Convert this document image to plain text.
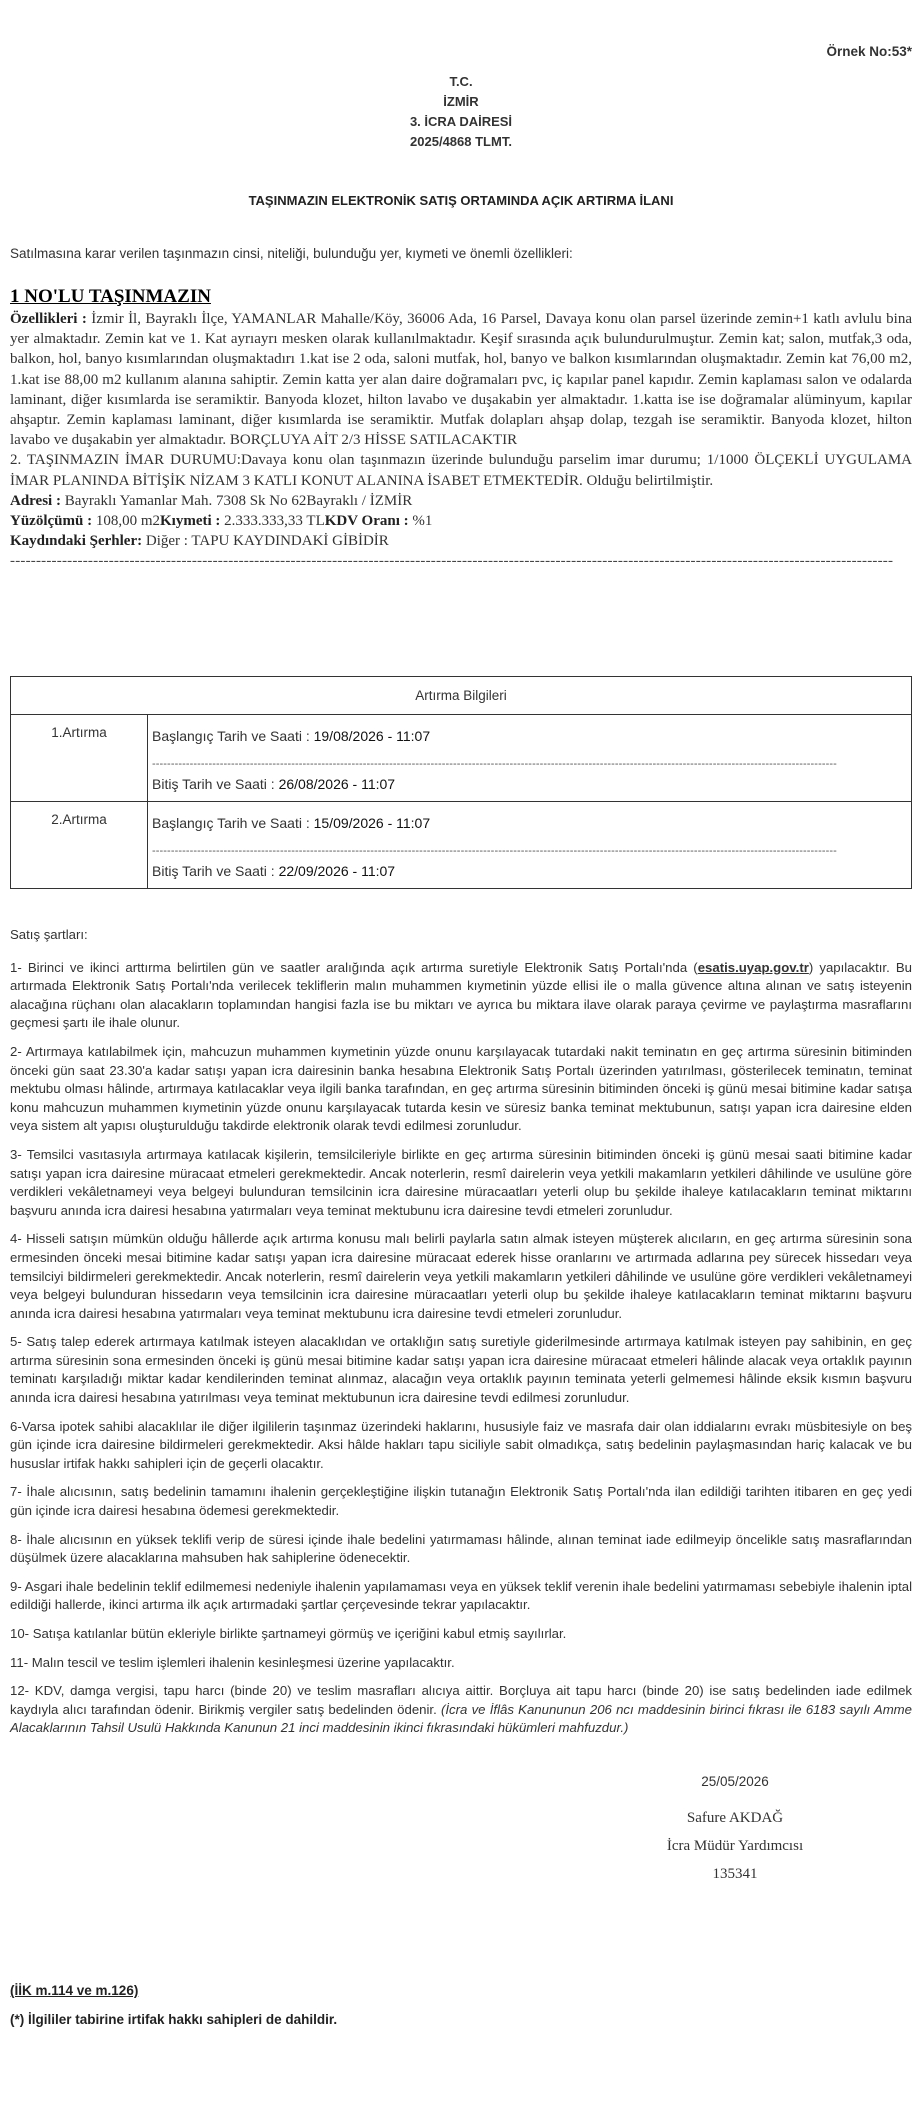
Örnek No:53*
T.C.
İZMİR
3. İCRA DAİRESİ
2025/4868 TLMT.
TAŞINMAZIN ELEKTRONİK SATIŞ ORTAMINDA AÇIK ARTIRMA İLANI
Satılmasına karar verilen taşınmazın cinsi, niteliği, bulunduğu yer, kıymeti ve önemli özellikleri:
1 NO'LU TAŞINMAZIN
Özellikleri : İzmir İl, Bayraklı İlçe, YAMANLAR Mahalle/Köy, 36006 Ada, 16 Parsel, Davaya konu olan parsel üzerinde zemin+1 katlı avlulu bina yer almaktadır. Zemin kat ve 1. Kat ayrıayrı mesken olarak kullanılmaktadır. Keşif sırasında açık bulundurulmuştur. Zemin kat; salon, mutfak,3 oda, balkon, hol, banyo kısımlarından oluşmaktadırı 1.kat ise 2 oda, saloni mutfak, hol, banyo ve balkon kısımlarından oluşmaktadır. Zemin kat 76,00 m2, 1.kat ise 88,00 m2 kullanım alanına sahiptir. Zemin katta yer alan daire doğramaları pvc, iç kapılar panel kapıdır. Zemin kaplaması salon ve odalarda laminant, diğer kısımlarda ise seramiktir. Banyoda klozet, hilton lavabo ve duşakabin yer almaktadır. 1.katta ise ise doğramalar alüminyum, kapılar ahşaptır. Zemin kaplaması laminant, diğer kısımlarda ise seramiktir. Mutfak dolapları ahşap dolap, tezgah ise seramiktir. Banyoda klozet, hilton lavabo ve duşakabin yer almaktadır. BORÇLUYA AİT 2/3 HİSSE SATILACAKTIR
2. TAŞINMAZIN İMAR DURUMU:Davaya konu olan taşınmazın üzerinde bulunduğu parselim imar durumu; 1/1000 ÖLÇEKLİ UYGULAMA İMAR PLANINDA BİTİŞİK NİZAM 3 KATLI KONUT ALANINA İSABET ETMEKTEDİR. Olduğu belirtilmiştir.
Adresi : Bayraklı Yamanlar Mah. 7308 Sk No 62Bayraklı / İZMİR
Yüzölçümü : 108,00 m2Kıymeti : 2.333.333,33 TLKDV Oranı : %1
Kaydındaki Şerhler: Diğer : TAPU KAYDINDAKİ GİBİDİR
--------------------------------------------------------------------------------------------------------------------------------------------------------------------------
Artırma Bilgileri	
1.Artırma	Başlangıç Tarih ve Saati : 19/08/2026 - 11:07
--------------------------------------------------------------------------------------------------------------------------------------------------------------------------------------
Bitiş Tarih ve Saati : 26/08/2026 - 11:07

2.Artırma	Başlangıç Tarih ve Saati : 15/09/2026 - 11:07
--------------------------------------------------------------------------------------------------------------------------------------------------------------------------------------
Bitiş Tarih ve Saati : 22/09/2026 - 11:07

Satış şartları:

1- Birinci ve ikinci arttırma belirtilen gün ve saatler aralığında açık artırma suretiyle Elektronik Satış Portalı'nda (esatis.uyap.gov.tr) yapılacaktır. Bu artırmada Elektronik Satış Portalı'nda verilecek tekliflerin malın muhammen kıymetinin yüzde ellisi ile o malla güvence altına alınan ve satış isteyenin alacağına rüçhanı olan alacakların toplamından hangisi fazla ise bu miktarı ve ayrıca bu miktara ilave olarak paraya çevirme ve paylaştırma masraflarını geçmesi şartı ile ihale olunur.

2- Artırmaya katılabilmek için, mahcuzun muhammen kıymetinin yüzde onunu karşılayacak tutardaki nakit teminatın en geç artırma süresinin bitiminden önceki gün saat 23.30'a kadar satışı yapan icra dairesinin banka hesabına Elektronik Satış Portalı üzerinden yatırılması, gösterilecek teminatın, teminat mektubu olması hâlinde, artırmaya katılacaklar veya ilgili banka tarafından, en geç artırma süresinin bitiminden önceki iş günü mesai bitimine kadar satışa konu mahcuzun muhammen kıymetinin yüzde onunu karşılayacak tutarda kesin ve süresiz banka teminat mektubunun, satışı yapan icra dairesine elden veya sistem alt yapısı oluşturulduğu takdirde elektronik olarak tevdi edilmesi zorunludur.

3- Temsilci vasıtasıyla artırmaya katılacak kişilerin, temsilcileriyle birlikte en geç artırma süresinin bitiminden önceki iş günü mesai saati bitimine kadar satışı yapan icra dairesine müracaat etmeleri gerekmektedir. Ancak noterlerin, resmî dairelerin veya yetkili makamların yetkileri dâhilinde ve usulüne göre verdikleri vekâletnameyi veya belgeyi bulunduran temsilcinin icra dairesine müracaatları yeterli olup bu şekilde ihaleye katılacakların teminat miktarını başvuru anında icra dairesi hesabına yatırmaları veya teminat mektubunu icra dairesine tevdi etmeleri zorunludur.

4- Hisseli satışın mümkün olduğu hâllerde açık artırma konusu malı belirli paylarla satın almak isteyen müşterek alıcıların, en geç artırma süresinin sona ermesinden önceki mesai bitimine kadar satışı yapan icra dairesine müracaat ederek hisse oranlarını ve artırmada adlarına pey sürecek hissedarı veya temsilciyi bildirmeleri gerekmektedir. Ancak noterlerin, resmî dairelerin veya yetkili makamların yetkileri dâhilinde ve usulüne göre verdikleri vekâletnameyi veya belgeyi bulunduran hissedarın veya temsilcinin icra dairesine müracaatları yeterli olup bu şekilde ihaleye katılacakların teminat miktarını başvuru anında icra dairesi hesabına yatırmaları veya teminat mektubunu icra dairesine tevdi etmeleri zorunludur.

5- Satış talep ederek artırmaya katılmak isteyen alacaklıdan ve ortaklığın satış suretiyle giderilmesinde artırmaya katılmak isteyen pay sahibinin, en geç artırma süresinin sona ermesinden önceki iş günü mesai bitimine kadar satışı yapan icra dairesine müracaat etmeleri hâlinde alacak veya ortaklık payının teminatı karşıladığı miktar kadar kendilerinden teminat alınmaz, alacağın veya ortaklık payının teminata yeterli gelmemesi hâlinde eksik kısmın başvuru anında icra dairesi hesabına yatırılması veya teminat mektubunun icra dairesine tevdi edilmesi zorunludur.

6-Varsa ipotek sahibi alacaklılar ile diğer ilgililerin taşınmaz üzerindeki haklarını, hususiyle faiz ve masrafa dair olan iddialarını evrakı müsbitesiyle on beş gün içinde icra dairesine bildirmeleri gerekmektedir. Aksi hâlde hakları tapu siciliyle sabit olmadıkça, satış bedelinin paylaşmasından hariç kalacak ve bu hususlar irtifak hakkı sahipleri için de geçerli olacaktır.

7- İhale alıcısının, satış bedelinin tamamını ihalenin gerçekleştiğine ilişkin tutanağın Elektronik Satış Portalı'nda ilan edildiği tarihten itibaren en geç yedi gün içinde icra dairesi hesabına ödemesi gerekmektedir.

8- İhale alıcısının en yüksek teklifi verip de süresi içinde ihale bedelini yatırmaması hâlinde, alınan teminat iade edilmeyip öncelikle satış masraflarından düşülmek üzere alacaklarına mahsuben hak sahiplerine ödenecektir.

9- Asgari ihale bedelinin teklif edilmemesi nedeniyle ihalenin yapılamaması veya en yüksek teklif verenin ihale bedelini yatırmaması sebebiyle ihalenin iptal edildiği hallerde, ikinci artırma ilk açık artırmadaki şartlar çerçevesinde tekrar yapılacaktır.

10- Satışa katılanlar bütün ekleriyle birlikte şartnameyi görmüş ve içeriğini kabul etmiş sayılırlar.

11- Malın tescil ve teslim işlemleri ihalenin kesinleşmesi üzerine yapılacaktır.

12- KDV, damga vergisi, tapu harcı (binde 20) ve teslim masrafları alıcıya aittir. Borçluya ait tapu harcı (binde 20) ise satış bedelinden iade edilmek kaydıyla alıcı tarafından ödenir. Birikmiş vergiler satış bedelinden ödenir. (İcra ve İflâs Kanununun 206 ncı maddesinin birinci fıkrası ile 6183 sayılı Amme Alacaklarının Tahsil Usulü Hakkında Kanunun 21 inci maddesinin ikinci fıkrasındaki hükümleri mahfuzdur.)

25/05/2026
Safure AKDAĞ
İcra Müdür Yardımcısı
135341
(İİK m.114 ve m.126)
(*) İlgililer tabirine irtifak hakkı sahipleri de dahildir.
